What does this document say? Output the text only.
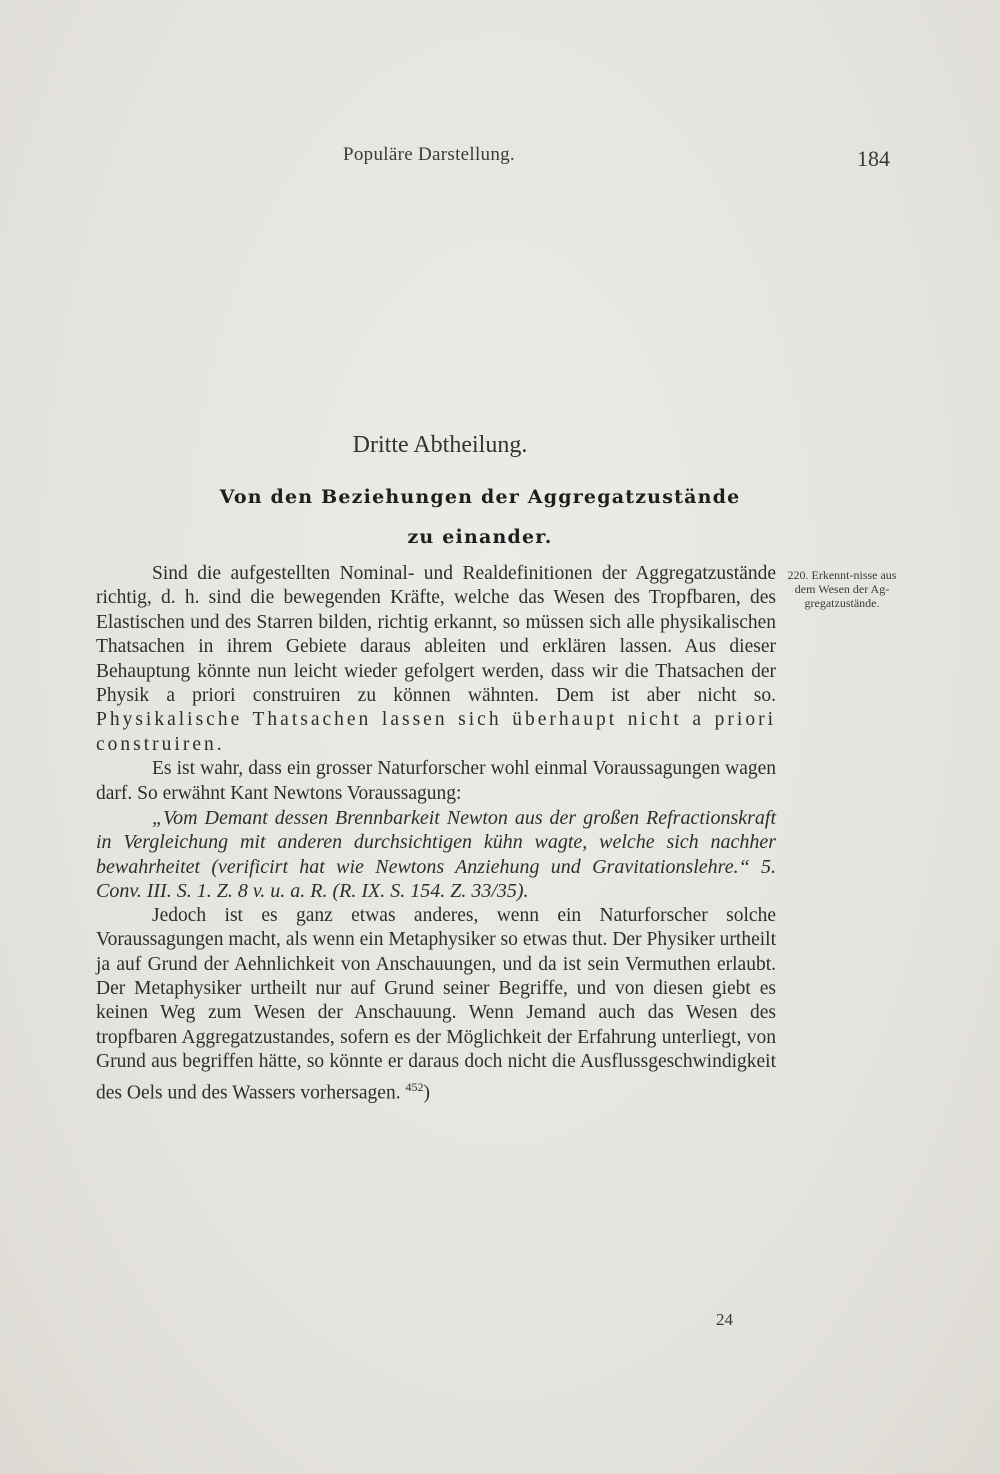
Populäre Darstellung.	184
Dritte Abtheilung.
Von den Beziehungen der Aggregatzustände
zu einander.
220. Erkennt-nisse aus dem Wesen der Ag-gregatzustände.

Sind die aufgestellten Nominal- und Realdefinitionen der Aggregatzustände richtig, d. h. sind die bewegenden Kräfte, welche das Wesen des Tropfbaren, des Elastischen und des Starren bilden, richtig erkannt, so müssen sich alle physikalischen Thatsachen in ihrem Gebiete daraus ableiten und erklären lassen. Aus dieser Behauptung könnte nun leicht wieder gefolgert werden, dass wir die Thatsachen der Physik a priori construiren zu können wähnten. Dem ist aber nicht so. Physikalische Thatsachen lassen sich überhaupt nicht a priori construiren.

Es ist wahr, dass ein grosser Naturforscher wohl einmal Voraussagungen wagen darf. So erwähnt Kant Newtons Voraussagung:

„Vom Demant dessen Brennbarkeit Newton aus der großen Refractionskraft in Vergleichung mit anderen durchsichtigen kühn wagte, welche sich nachher bewahrheitet (verificirt hat wie Newtons Anziehung und Gravitationslehre.“ 5. Conv. III. S. 1. Z. 8 v. u. a. R. (R. IX. S. 154. Z. 33/35).

Jedoch ist es ganz etwas anderes, wenn ein Naturforscher solche Voraussagungen macht, als wenn ein Metaphysiker so etwas thut. Der Physiker urtheilt ja auf Grund der Aehnlichkeit von Anschauungen, und da ist sein Vermuthen erlaubt. Der Metaphysiker urtheilt nur auf Grund seiner Begriffe, und von diesen giebt es keinen Weg zum Wesen der Anschauung. Wenn Jemand auch das Wesen des tropfbaren Aggregatzustandes, sofern es der Möglichkeit der Erfahrung unterliegt, von Grund aus begriffen hätte, so könnte er daraus doch nicht die Ausflussgeschwindigkeit des Oels und des Wassers vorhersagen. $^{452}$)

24
